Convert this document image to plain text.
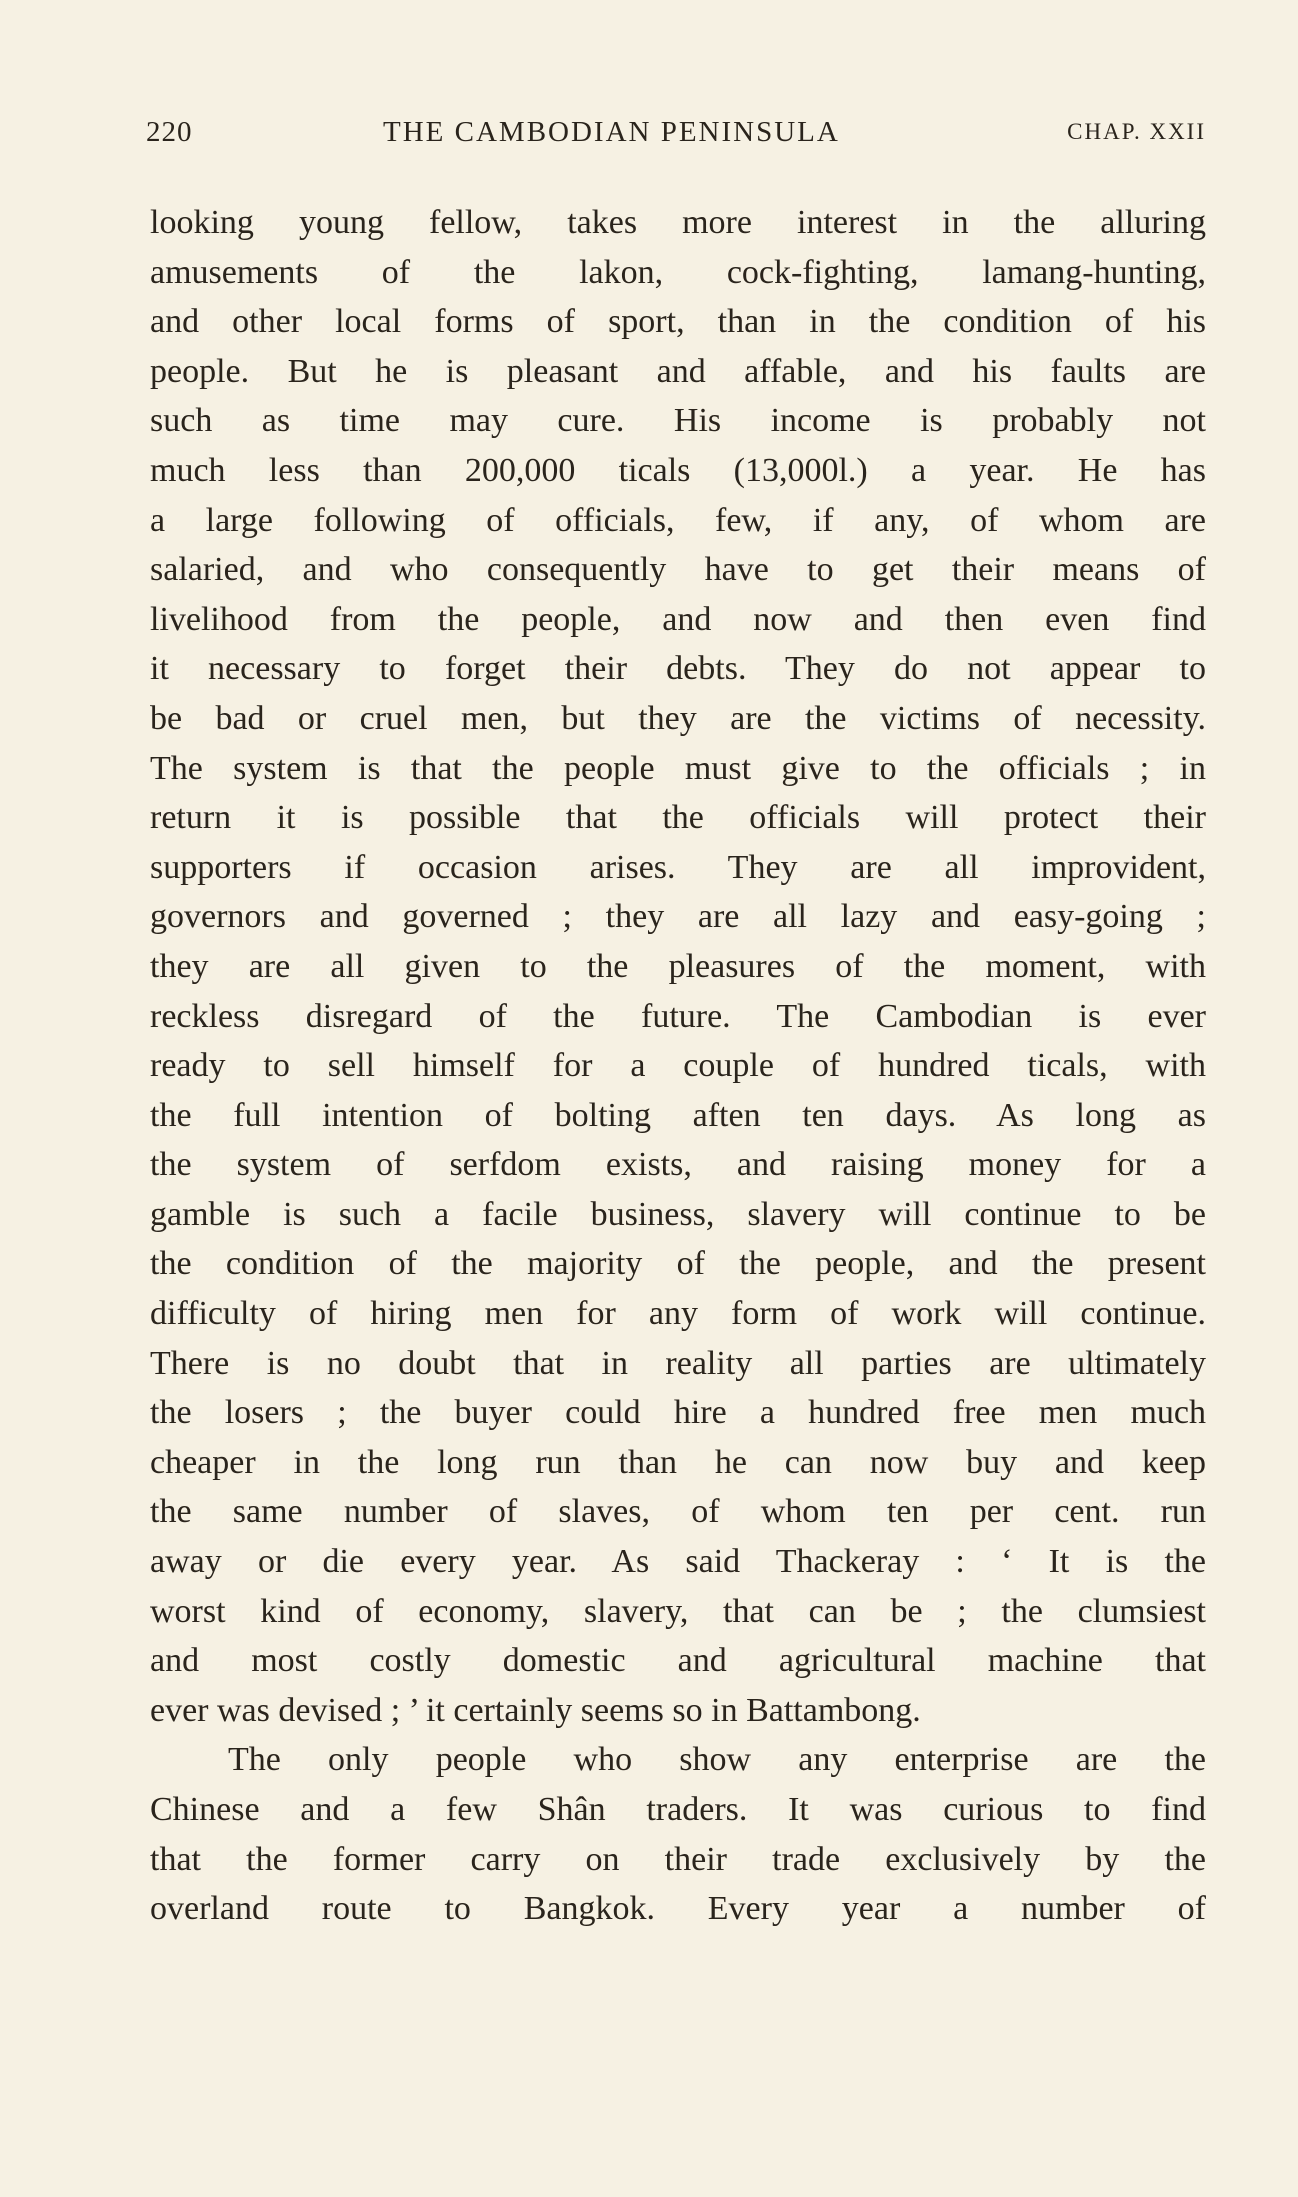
220	THE CAMBODIAN PENINSULA	CHAP. XXII
looking young fellow, takes more interest in the alluring
amusements of the lakon, cock-fighting, lamang-hunting,
and other local forms of sport, than in the condition of his
people. But he is pleasant and affable, and his faults are
such as time may cure. His income is probably not
much less than 200,000 ticals (13,000l.) a year. He has
a large following of officials, few, if any, of whom are
salaried, and who consequently have to get their means of
livelihood from the people, and now and then even find
it necessary to forget their debts. They do not appear to
be bad or cruel men, but they are the victims of necessity.
The system is that the people must give to the officials ; in
return it is possible that the officials will protect their
supporters if occasion arises. They are all improvident,
governors and governed ; they are all lazy and easy-going ;
they are all given to the pleasures of the moment, with
reckless disregard of the future. The Cambodian is ever
ready to sell himself for a couple of hundred ticals, with
the full intention of bolting aften ten days. As long as
the system of serfdom exists, and raising money for a
gamble is such a facile business, slavery will continue to be
the condition of the majority of the people, and the present
difficulty of hiring men for any form of work will continue.
There is no doubt that in reality all parties are ultimately
the losers ; the buyer could hire a hundred free men much
cheaper in the long run than he can now buy and keep
the same number of slaves, of whom ten per cent. run
away or die every year. As said Thackeray : ‘ It is the
worst kind of economy, slavery, that can be ; the clumsiest
and most costly domestic and agricultural machine that
ever was devised ; ’ it certainly seems so in Battambong.
The only people who show any enterprise are the
Chinese and a few Shân traders. It was curious to find
that the former carry on their trade exclusively by the
overland route to Bangkok. Every year a number of
